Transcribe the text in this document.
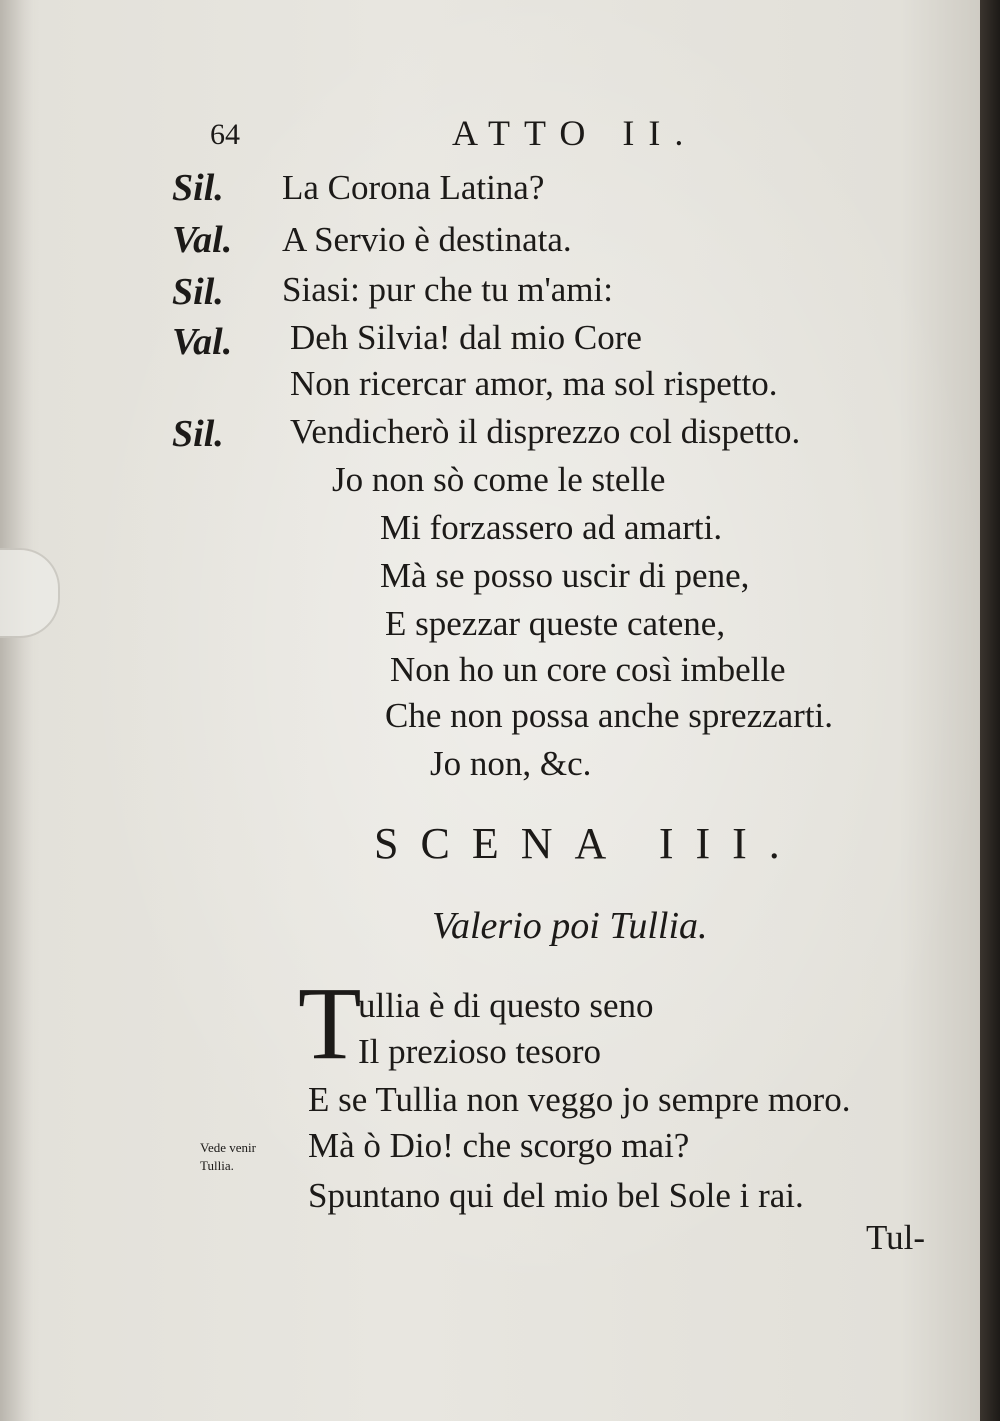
64	ATTO II.
Sil. La Corona Latina?
Val. A Servio è destinata.
Sil. Siasi: pur che tu m'ami:
Val. Deh Silvia! dal mio Core
Non ricercar amor, ma sol rispetto.
Sil. Vendicherò il disprezzo col dispetto.
Jo non sò come le stelle
Mi forzassero ad amarti.
Mà se posso uscir di pene,
E spezzar queste catene,
Non ho un core così imbelle
Che non possa anche sprezzarti.
Jo non, &c.
SCENA III.
Valerio poi Tullia.
T
ullia è di questo seno
Il prezioso tesoro
E se Tullia non veggo jo sempre moro.
Mà ò Dio! che scorgo mai?
Spuntano qui del mio bel Sole i rai.
Vede venir
Tullia.
Tul-
